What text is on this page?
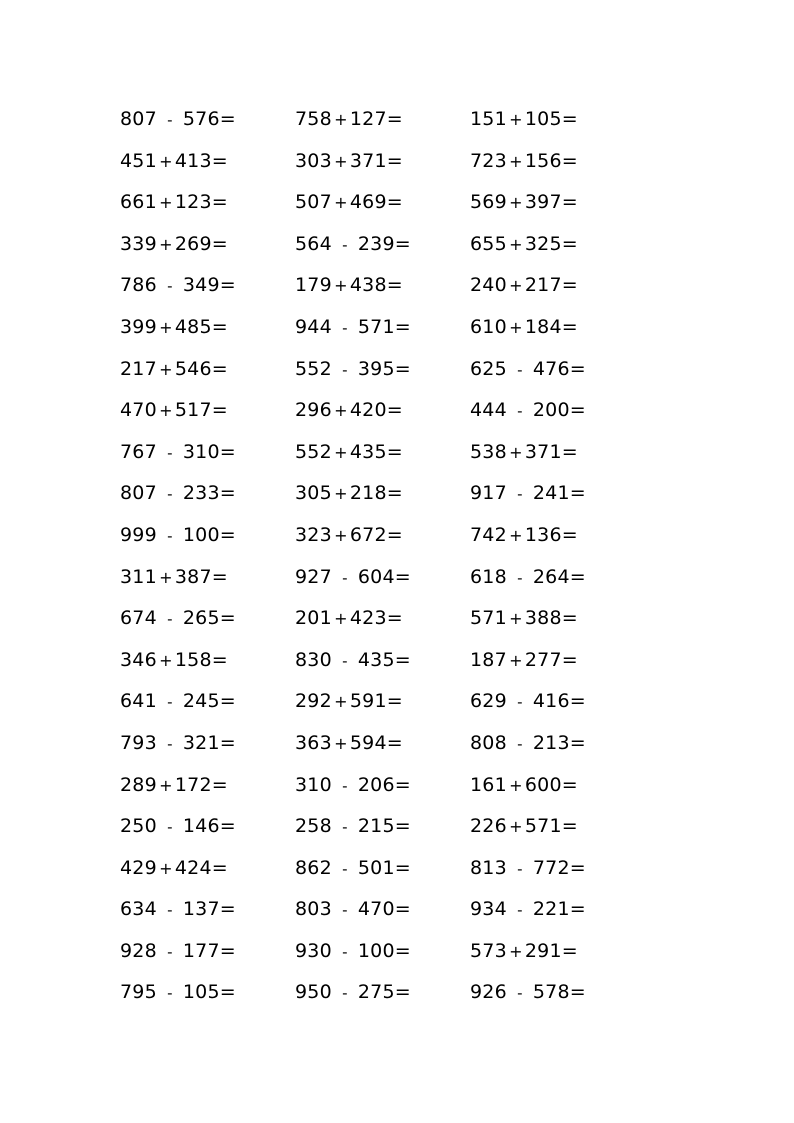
807 - 576=	758 + 127=	151 + 105=
451 + 413=	303 + 371=	723 + 156=
661 + 123=	507 + 469=	569 + 397=
339 + 269=	564 - 239=	655 + 325=
786 - 349=	179 + 438=	240 + 217=
399 + 485=	944 - 571=	610 + 184=
217 + 546=	552 - 395=	625 - 476=
470 + 517=	296 + 420=	444 - 200=
767 - 310=	552 + 435=	538 + 371=
807 - 233=	305 + 218=	917 - 241=
999 - 100=	323 + 672=	742 + 136=
311 + 387=	927 - 604=	618 - 264=
674 - 265=	201 + 423=	571 + 388=
346 + 158=	830 - 435=	187 + 277=
641 - 245=	292 + 591=	629 - 416=
793 - 321=	363 + 594=	808 - 213=
289 + 172=	310 - 206=	161 + 600=
250 - 146=	258 - 215=	226 + 571=
429 + 424=	862 - 501=	813 - 772=
634 - 137=	803 - 470=	934 - 221=
928 - 177=	930 - 100=	573 + 291=
795 - 105=	950 - 275=	926 - 578=
